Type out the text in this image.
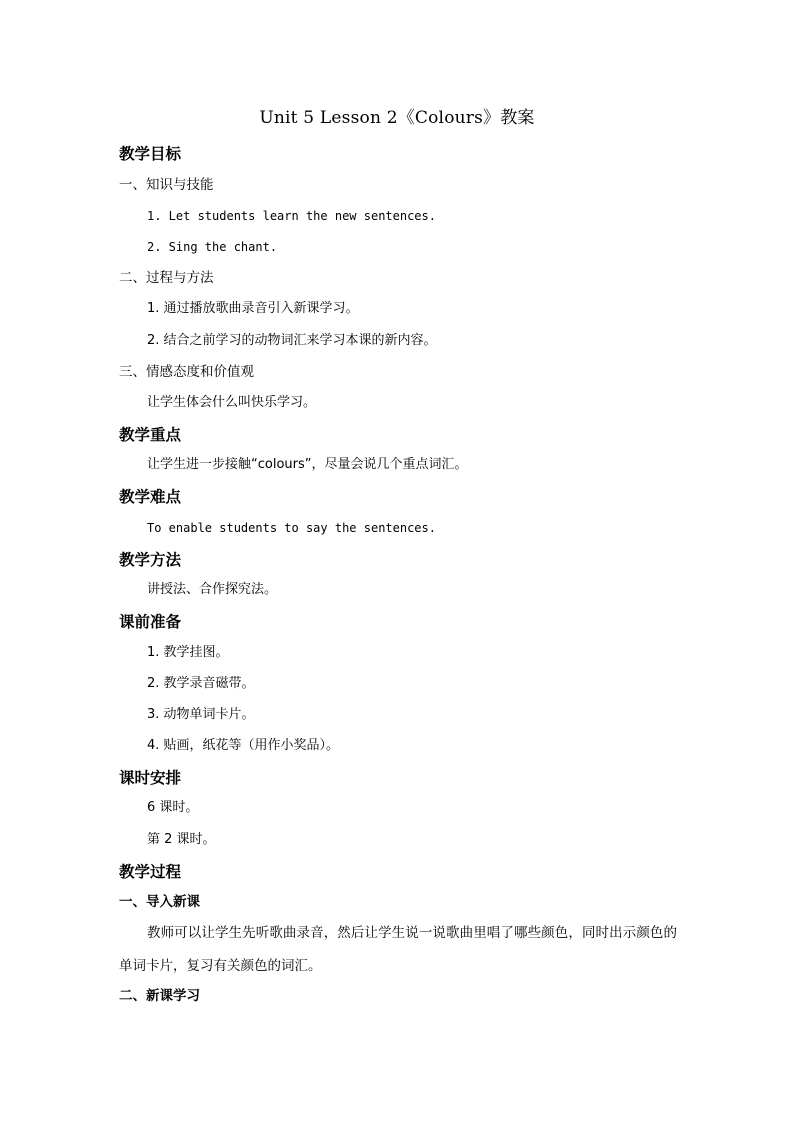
Unit 5 Lesson 2《Colours》教案
教学目标
一、知识与技能
1. Let students learn the new sentences.
2. Sing the chant.
二、过程与方法
1. 通过播放歌曲录音引入新课学习。
2. 结合之前学习的动物词汇来学习本课的新内容。
三、情感态度和价值观
让学生体会什么叫快乐学习。
教学重点
让学生进一步接触“colours”，尽量会说几个重点词汇。
教学难点
To enable students to say the sentences.
教学方法
讲授法、合作探究法。
课前准备
1. 教学挂图。
2. 教学录音磁带。
3. 动物单词卡片。
4. 贴画，纸花等（用作小奖品）。
课时安排
6 课时。
第 2 课时。
教学过程
一、导入新课

教师可以让学生先听歌曲录音，然后让学生说一说歌曲里唱了哪些颜色，同时出示颜色的单词卡片，复习有关颜色的词汇。

二、新课学习
